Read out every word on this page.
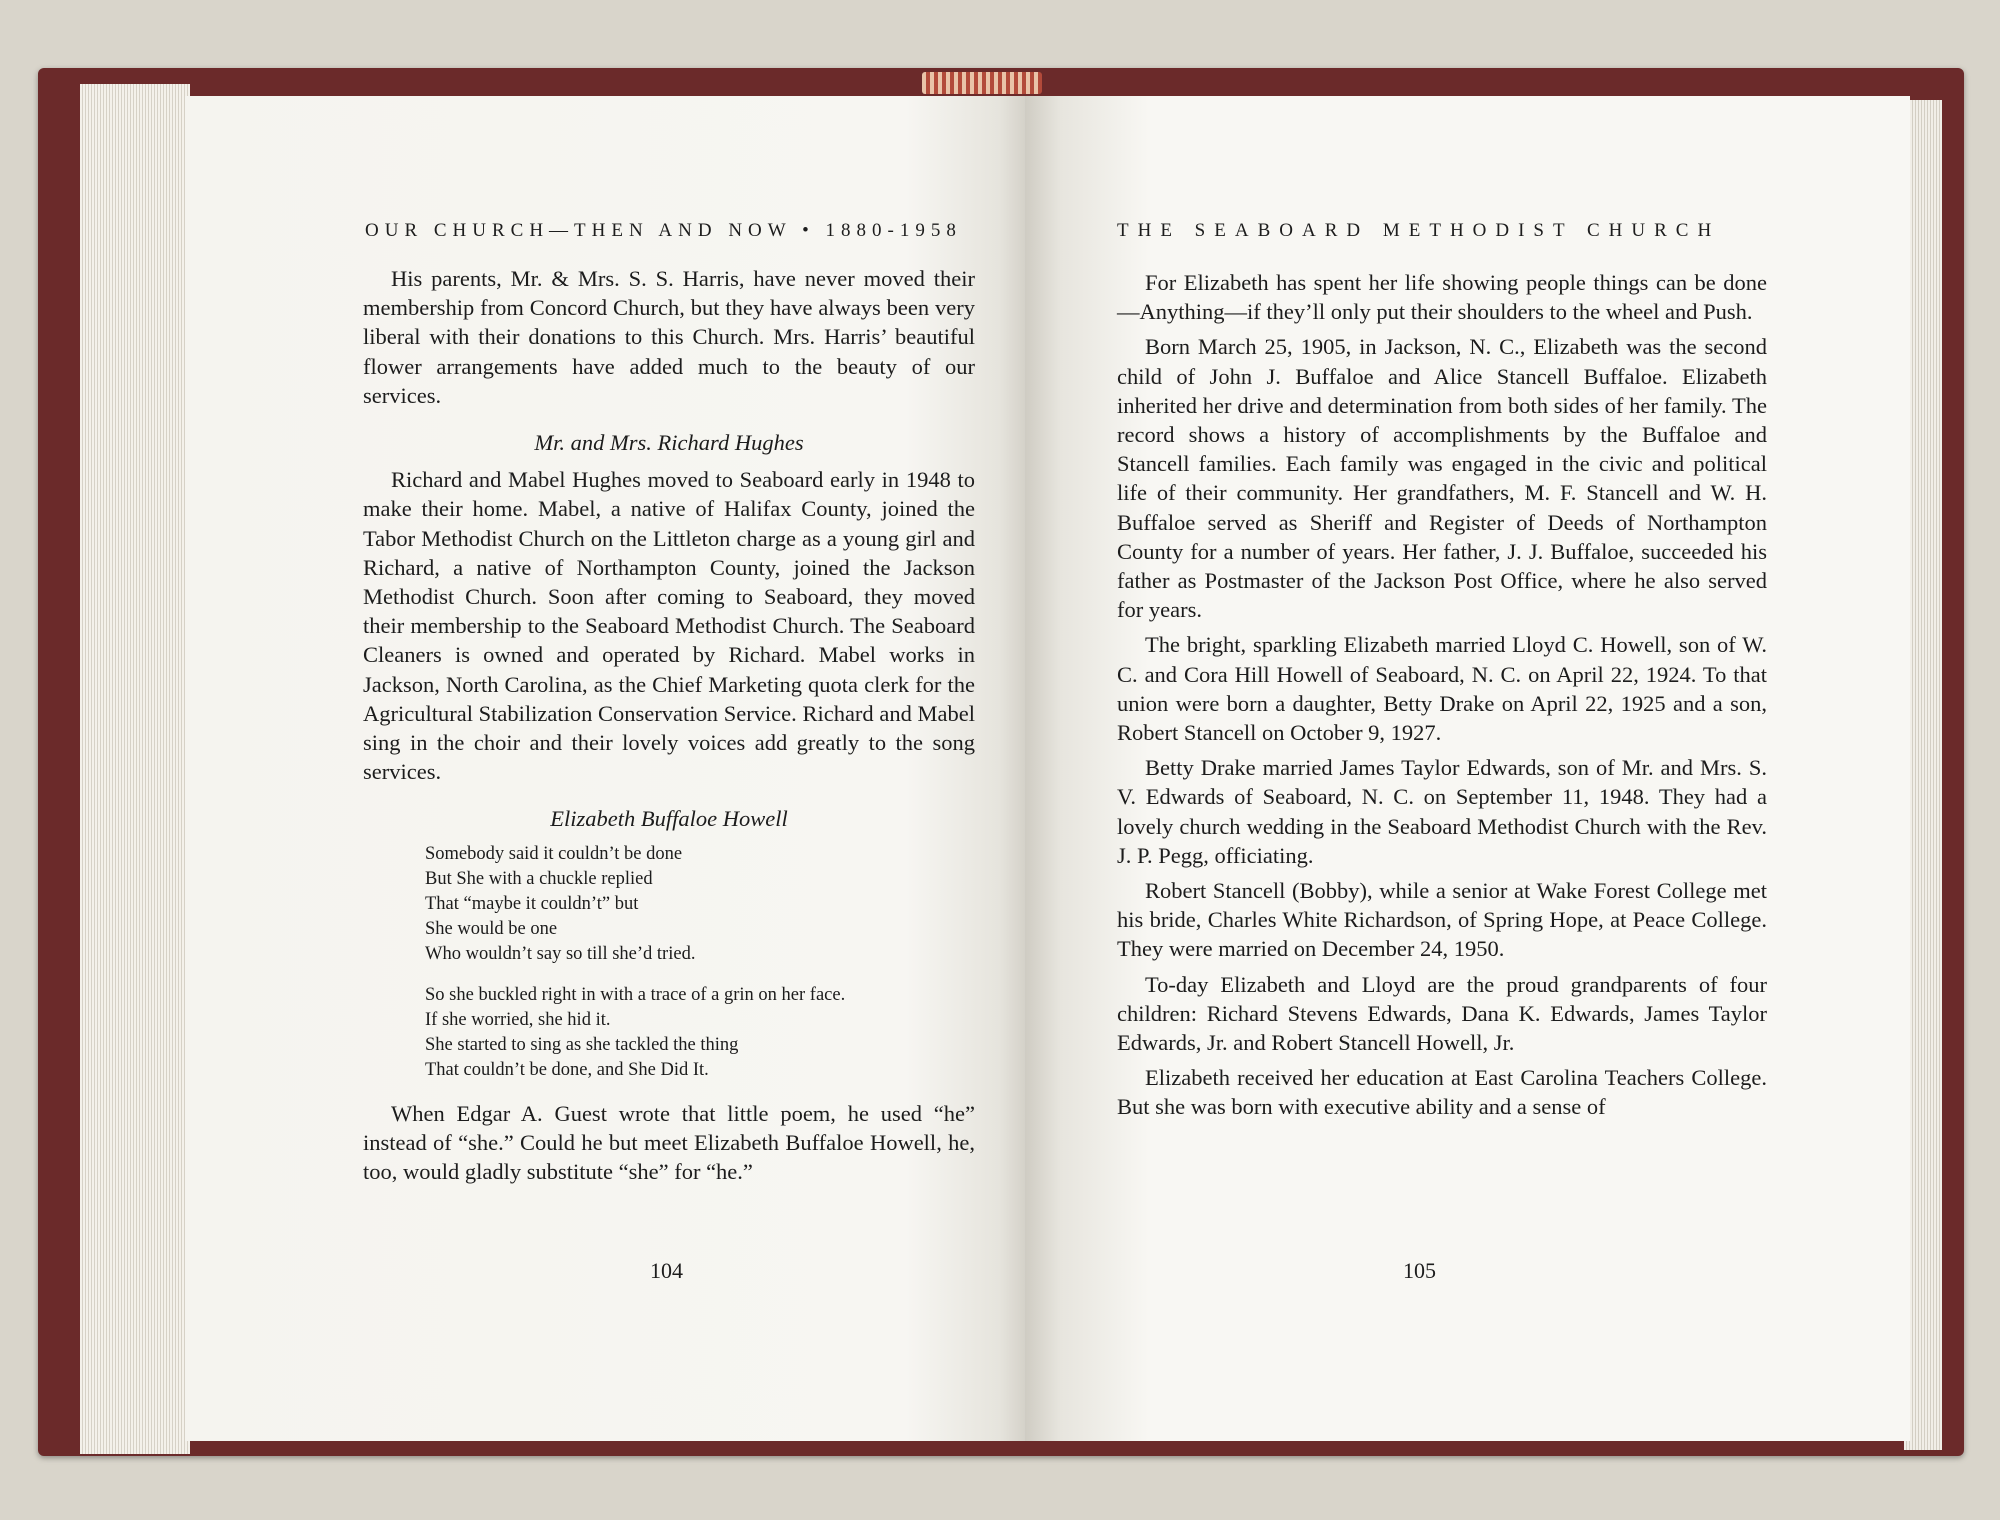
OUR CHURCH—THEN AND NOW • 1880-1958

His parents, Mr. & Mrs. S. S. Harris, have never moved their membership from Concord Church, but they have always been very liberal with their donations to this Church. Mrs. Harris’ beautiful flower arrangements have added much to the beauty of our services.

Mr. and Mrs. Richard Hughes

Richard and Mabel Hughes moved to Seaboard early in 1948 to make their home. Mabel, a native of Halifax County, joined the Tabor Methodist Church on the Littleton charge as a young girl and Richard, a native of Northampton County, joined the Jackson Methodist Church. Soon after coming to Seaboard, they moved their membership to the Seaboard Methodist Church. The Seaboard Cleaners is owned and operated by Richard. Mabel works in Jackson, North Carolina, as the Chief Marketing quota clerk for the Agricultural Stabilization Conservation Service. Richard and Mabel sing in the choir and their lovely voices add greatly to the song services.

Elizabeth Buffaloe Howell
Somebody said it couldn’t be done
But She with a chuckle replied
That “maybe it couldn’t” but
She would be one
Who wouldn’t say so till she’d tried.
So she buckled right in with a trace of a grin on her face.
If she worried, she hid it.
She started to sing as she tackled the thing
That couldn’t be done, and She Did It.

When Edgar A. Guest wrote that little poem, he used “he” instead of “she.” Could he but meet Elizabeth Buffaloe Howell, he, too, would gladly substitute “she” for “he.”

104
THE SEABOARD METHODIST CHURCH

For Elizabeth has spent her life showing people things can be done—Anything—if they’ll only put their shoulders to the wheel and Push.

Born March 25, 1905, in Jackson, N. C., Elizabeth was the second child of John J. Buffaloe and Alice Stancell Buffaloe. Elizabeth inherited her drive and determination from both sides of her family. The record shows a history of accomplishments by the Buffaloe and Stancell families. Each family was engaged in the civic and political life of their community. Her grandfathers, M. F. Stancell and W. H. Buffaloe served as Sheriff and Register of Deeds of Northampton County for a number of years. Her father, J. J. Buffaloe, succeeded his father as Postmaster of the Jackson Post Office, where he also served for years.

The bright, sparkling Elizabeth married Lloyd C. Howell, son of W. C. and Cora Hill Howell of Seaboard, N. C. on April 22, 1924. To that union were born a daughter, Betty Drake on April 22, 1925 and a son, Robert Stancell on October 9, 1927.

Betty Drake married James Taylor Edwards, son of Mr. and Mrs. S. V. Edwards of Seaboard, N. C. on September 11, 1948. They had a lovely church wedding in the Seaboard Methodist Church with the Rev. J. P. Pegg, officiating.

Robert Stancell (Bobby), while a senior at Wake Forest College met his bride, Charles White Richardson, of Spring Hope, at Peace College. They were married on December 24, 1950.

To-day Elizabeth and Lloyd are the proud grandparents of four children: Richard Stevens Edwards, Dana K. Edwards, James Taylor Edwards, Jr. and Robert Stancell Howell, Jr.

Elizabeth received her education at East Carolina Teachers College. But she was born with executive ability and a sense of

105
